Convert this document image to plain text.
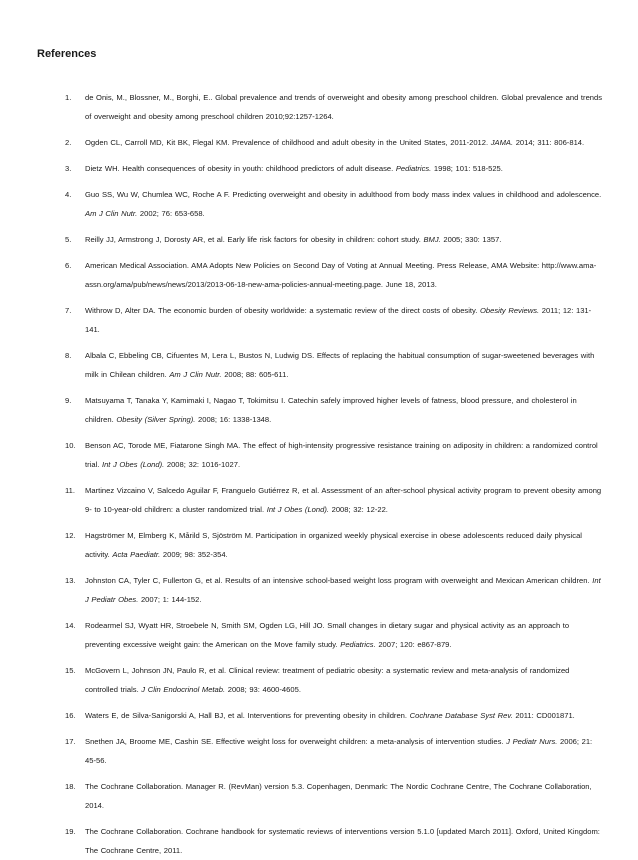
References
1.	de Onis, M., Blossner, M., Borghi, E.. Global prevalence and trends of overweight and obesity among preschool children. Global prevalence and trends of overweight and obesity among preschool children 2010;92:1257-1264.
2.	Ogden CL, Carroll MD, Kit BK, Flegal KM. Prevalence of childhood and adult obesity in the United States, 2011-2012. JAMA. 2014; 311: 806-814.
3.	Dietz WH. Health consequences of obesity in youth: childhood predictors of adult disease. Pediatrics. 1998; 101: 518-525.
4.	Guo SS, Wu W, Chumlea WC, Roche A F. Predicting overweight and obesity in adulthood from body mass index values in childhood and adolescence. Am J Clin Nutr. 2002; 76: 653-658.
5.	Reilly JJ, Armstrong J, Dorosty AR, et al. Early life risk factors for obesity in children: cohort study. BMJ. 2005; 330: 1357.
6.	American Medical Association. AMA Adopts New Policies on Second Day of Voting at Annual Meeting. Press Release, AMA Website: http://www.ama-assn.org/ama/pub/news/news/2013/2013-06-18-new-ama-policies-annual-meeting.page. June 18, 2013.
7.	Withrow D, Alter DA. The economic burden of obesity worldwide: a systematic review of the direct costs of obesity. Obesity Reviews. 2011; 12: 131-141.
8.	Albala C, Ebbeling CB, Cifuentes M, Lera L, Bustos N, Ludwig DS. Effects of replacing the habitual consumption of sugar-sweetened beverages with milk in Chilean children. Am J Clin Nutr. 2008; 88: 605-611.
9.	Matsuyama T, Tanaka Y, Kamimaki I, Nagao T, Tokimitsu I. Catechin safely improved higher levels of fatness, blood pressure, and cholesterol in children. Obesity (Silver Spring). 2008; 16: 1338-1348.
10.	Benson AC, Torode ME, Fiatarone Singh MA. The effect of high-intensity progressive resistance training on adiposity in children: a randomized control trial. Int J Obes (Lond). 2008; 32: 1016-1027.
11.	Martinez Vizcaino V, Salcedo Aguilar F, Franguelo Gutiérrez R, et al. Assessment of an after-school physical activity program to prevent obesity among 9- to 10-year-old children: a cluster randomized trial. Int J Obes (Lond). 2008; 32: 12-22.
12.	Hagströmer M, Elmberg K, Mårild S, Sjöström M. Participation in organized weekly physical exercise in obese adolescents reduced daily physical activity. Acta Paediatr. 2009; 98: 352-354.
13.	Johnston CA, Tyler C, Fullerton G, et al. Results of an intensive school-based weight loss program with overweight and Mexican American children. Int J Pediatr Obes. 2007; 1: 144-152.
14.	Rodearmel SJ, Wyatt HR, Stroebele N, Smith SM, Ogden LG, Hill JO. Small changes in dietary sugar and physical activity as an approach to preventing excessive weight gain: the American on the Move family study. Pediatrics. 2007; 120: e867-879.
15.	McGovern L, Johnson JN, Paulo R, et al. Clinical review: treatment of pediatric obesity: a systematic review and meta-analysis of randomized controlled trials. J Clin Endocrinol Metab. 2008; 93: 4600-4605.
16.	Waters E, de Silva-Sanigorski A, Hall BJ, et al. Interventions for preventing obesity in children. Cochrane Database Syst Rev. 2011: CD001871.
17.	Snethen JA, Broome ME, Cashin SE. Effective weight loss for overweight children: a meta-analysis of intervention studies. J Pediatr Nurs. 2006; 21: 45-56.
18.	The Cochrane Collaboration. Manager R. (RevMan) version 5.3. Copenhagen, Denmark: The Nordic Cochrane Centre, The Cochrane Collaboration, 2014.
19.	The Cochrane Collaboration. Cochrane handbook for systematic reviews of interventions version 5.1.0 [updated March 2011]. Oxford, United Kingdom: The Cochrane Centre, 2011.
